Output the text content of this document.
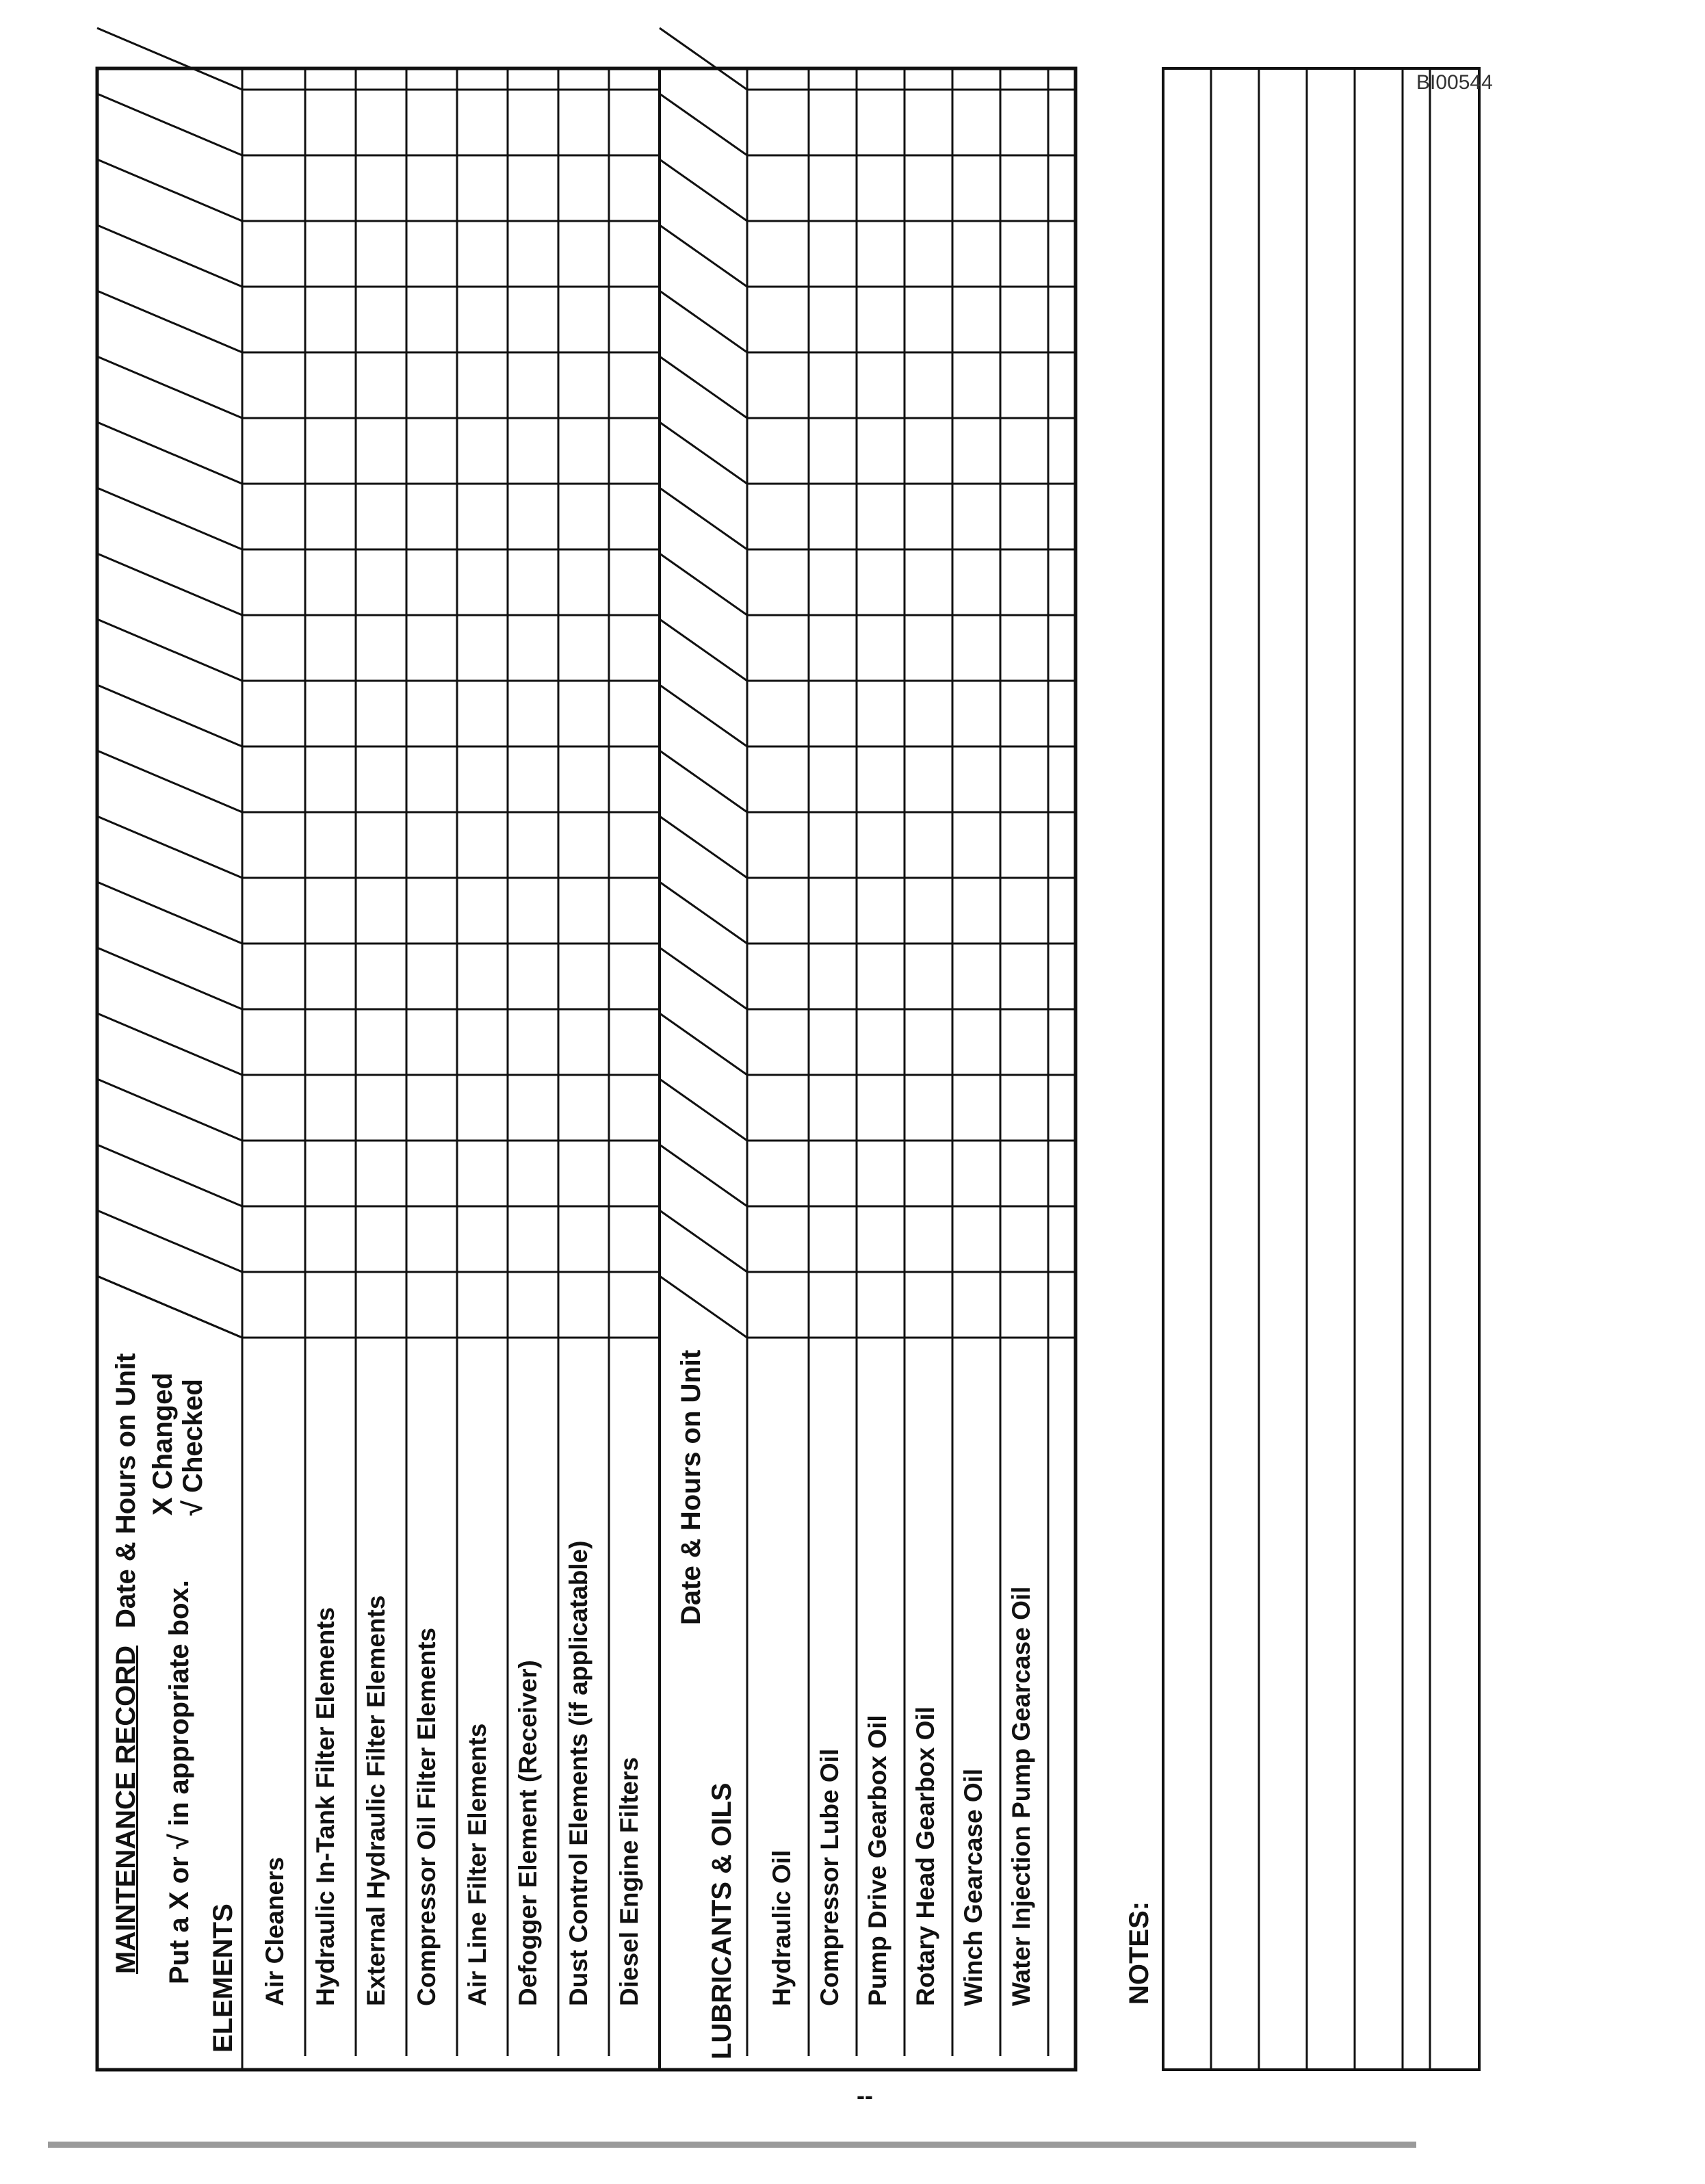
MAINTENANCE RECORD
Date & Hours on Unit
Put a X or √ in appropriate box.
X Changed √ Checked
ELEMENTS
Date & Hours on Unit
LUBRICANTS & OILS
Air Cleaners Hydraulic In-Tank Filter Elements External Hydraulic Filter Elements Compressor Oil Filter Elements Air Line Filter Elements Defogger Element (Receiver) Dust Control Elements (if applicatable) Diesel Engine Filters	Hydraulic Oil Compressor Lube Oil Pump Drive Gearbox Oil Rotary Head Gearbox Oil Winch Gearcase Oil Water Injection Pump Gearcase Oil	NOTES:
BI00544
--
